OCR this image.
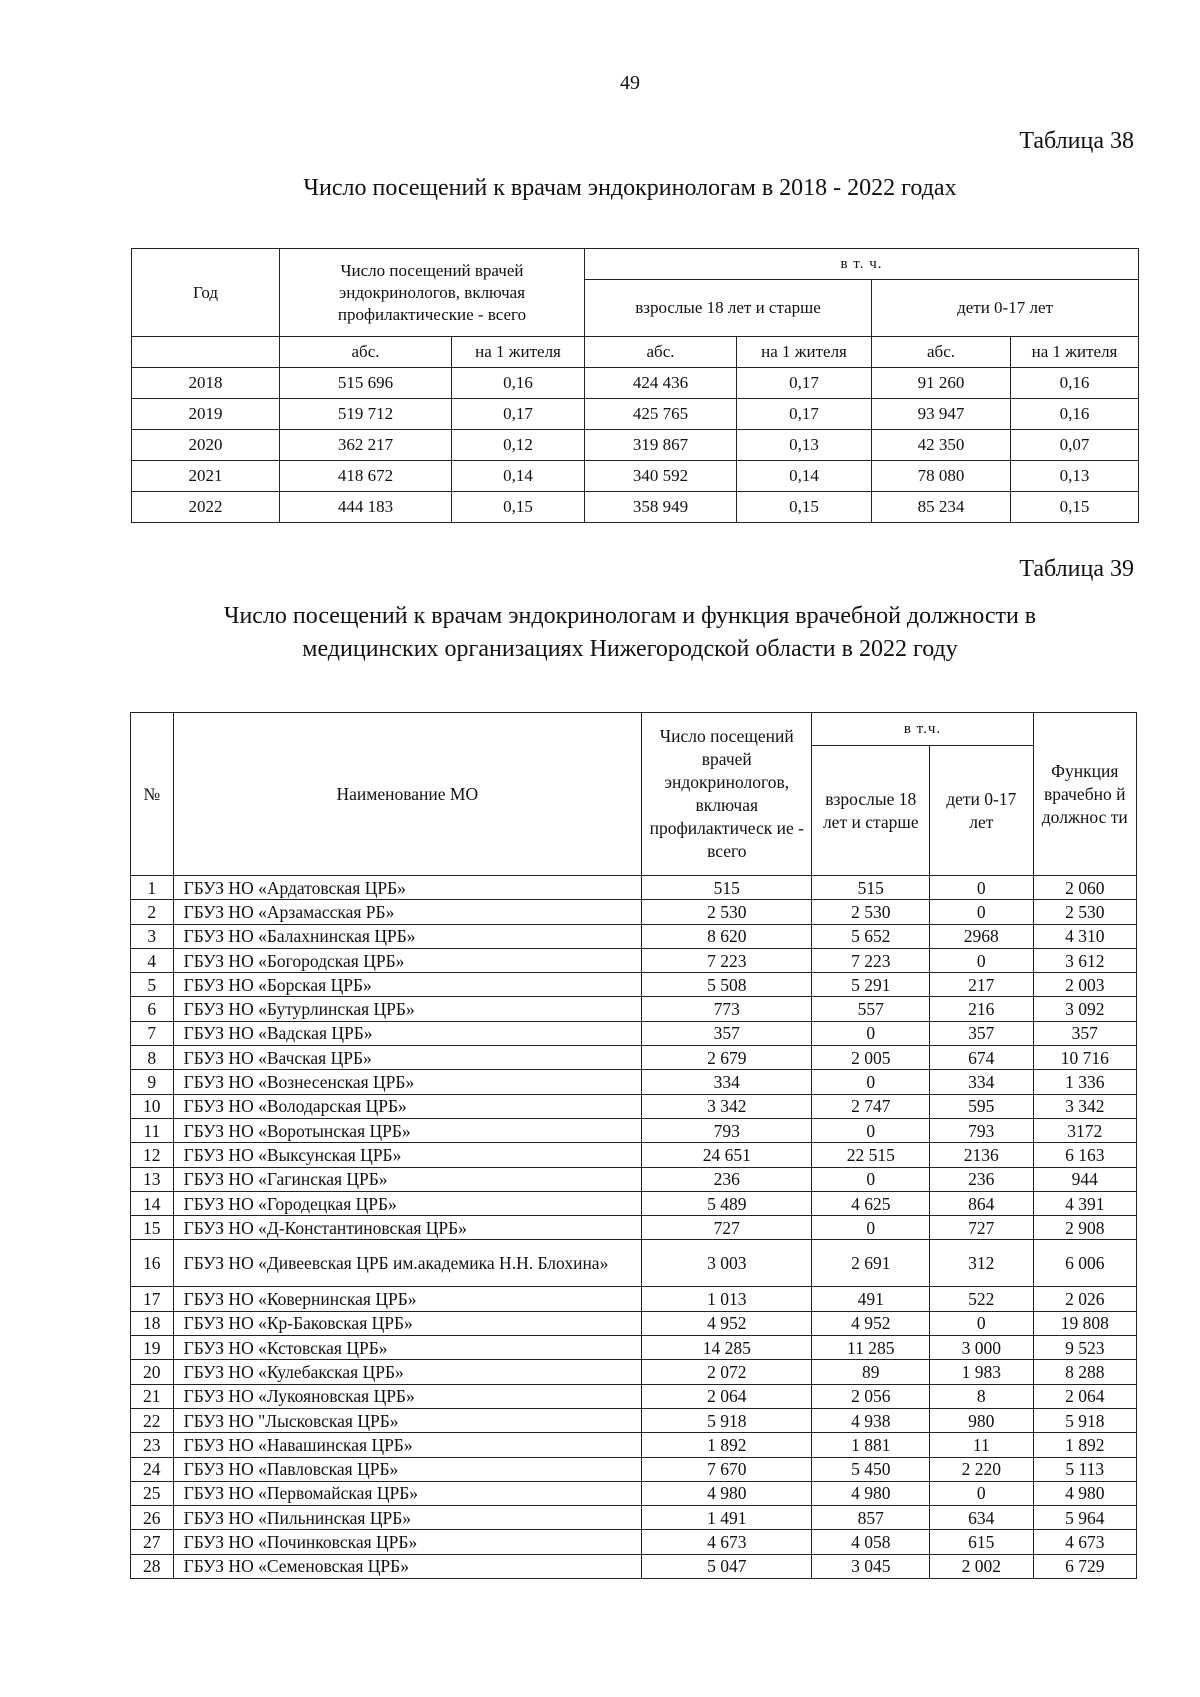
49
Таблица 38
Число посещений к врачам эндокринологам в 2018 - 2022 годах
Год	Число посещений врачей эндокринологов, включая профилактические - всего		в т. ч.			
			взрослые 18 лет и старше		дети 0-17 лет	
	абс.	на 1 жителя	абс.	на 1 жителя	абс.	на 1 жителя
2018	515 696	0,16	424 436	0,17	91 260	0,16
2019	519 712	0,17	425 765	0,17	93 947	0,16
2020	362 217	0,12	319 867	0,13	42 350	0,07
2021	418 672	0,14	340 592	0,14	78 080	0,13
2022	444 183	0,15	358 949	0,15	85 234	0,15
Таблица 39
Число посещений к врачам эндокринологам и функция врачебной должности в
медицинских организациях Нижегородской области в 2022 году
№	Наименование МО	Число посещений врачей эндокринологов, включая профилактическ ие - всего	в т.ч.		Функция врачебно й должнос ти
			взрослые 18 лет и старше	дети 0-17 лет	
1	ГБУЗ НО «Ардатовская ЦРБ»	515	515	0	2 060
2	ГБУЗ НО «Арзамасская РБ»	2 530	2 530	0	2 530
3	ГБУЗ НО «Балахнинская ЦРБ»	8 620	5 652	2968	4 310
4	ГБУЗ НО «Богородская ЦРБ»	7 223	7 223	0	3 612
5	ГБУЗ НО «Борская ЦРБ»	5 508	5 291	217	2 003
6	ГБУЗ НО «Бутурлинская ЦРБ»	773	557	216	3 092
7	ГБУЗ НО «Вадская ЦРБ»	357	0	357	357
8	ГБУЗ НО «Вачская ЦРБ»	2 679	2 005	674	10 716
9	ГБУЗ НО «Вознесенская ЦРБ»	334	0	334	1 336
10	ГБУЗ НО «Володарская ЦРБ»	3 342	2 747	595	3 342
11	ГБУЗ НО «Воротынская ЦРБ»	793	0	793	3172
12	ГБУЗ НО «Выксунская ЦРБ»	24 651	22 515	2136	6 163
13	ГБУЗ НО «Гагинская ЦРБ»	236	0	236	944
14	ГБУЗ НО «Городецкая ЦРБ»	5 489	4 625	864	4 391
15	ГБУЗ НО «Д-Константиновская ЦРБ»	727	0	727	2 908
16	ГБУЗ НО «Дивеевская ЦРБ им.академика Н.Н. Блохина»	3 003	2 691	312	6 006
17	ГБУЗ НО «Ковернинская ЦРБ»	1 013	491	522	2 026
18	ГБУЗ НО «Кр-Баковская ЦРБ»	4 952	4 952	0	19 808
19	ГБУЗ НО «Кстовская ЦРБ»	14 285	11 285	3 000	9 523
20	ГБУЗ НО «Кулебакская ЦРБ»	2 072	89	1 983	8 288
21	ГБУЗ НО «Лукояновская ЦРБ»	2 064	2 056	8	2 064
22	ГБУЗ НО "Лысковская ЦРБ»	5 918	4 938	980	5 918
23	ГБУЗ НО «Навашинская ЦРБ»	1 892	1 881	11	1 892
24	ГБУЗ НО «Павловская ЦРБ»	7 670	5 450	2 220	5 113
25	ГБУЗ НО «Первомайская ЦРБ»	4 980	4 980	0	4 980
26	ГБУЗ НО «Пильнинская ЦРБ»	1 491	857	634	5 964
27	ГБУЗ НО «Починковская ЦРБ»	4 673	4 058	615	4 673
28	ГБУЗ НО «Семеновская ЦРБ»	5 047	3 045	2 002	6 729
